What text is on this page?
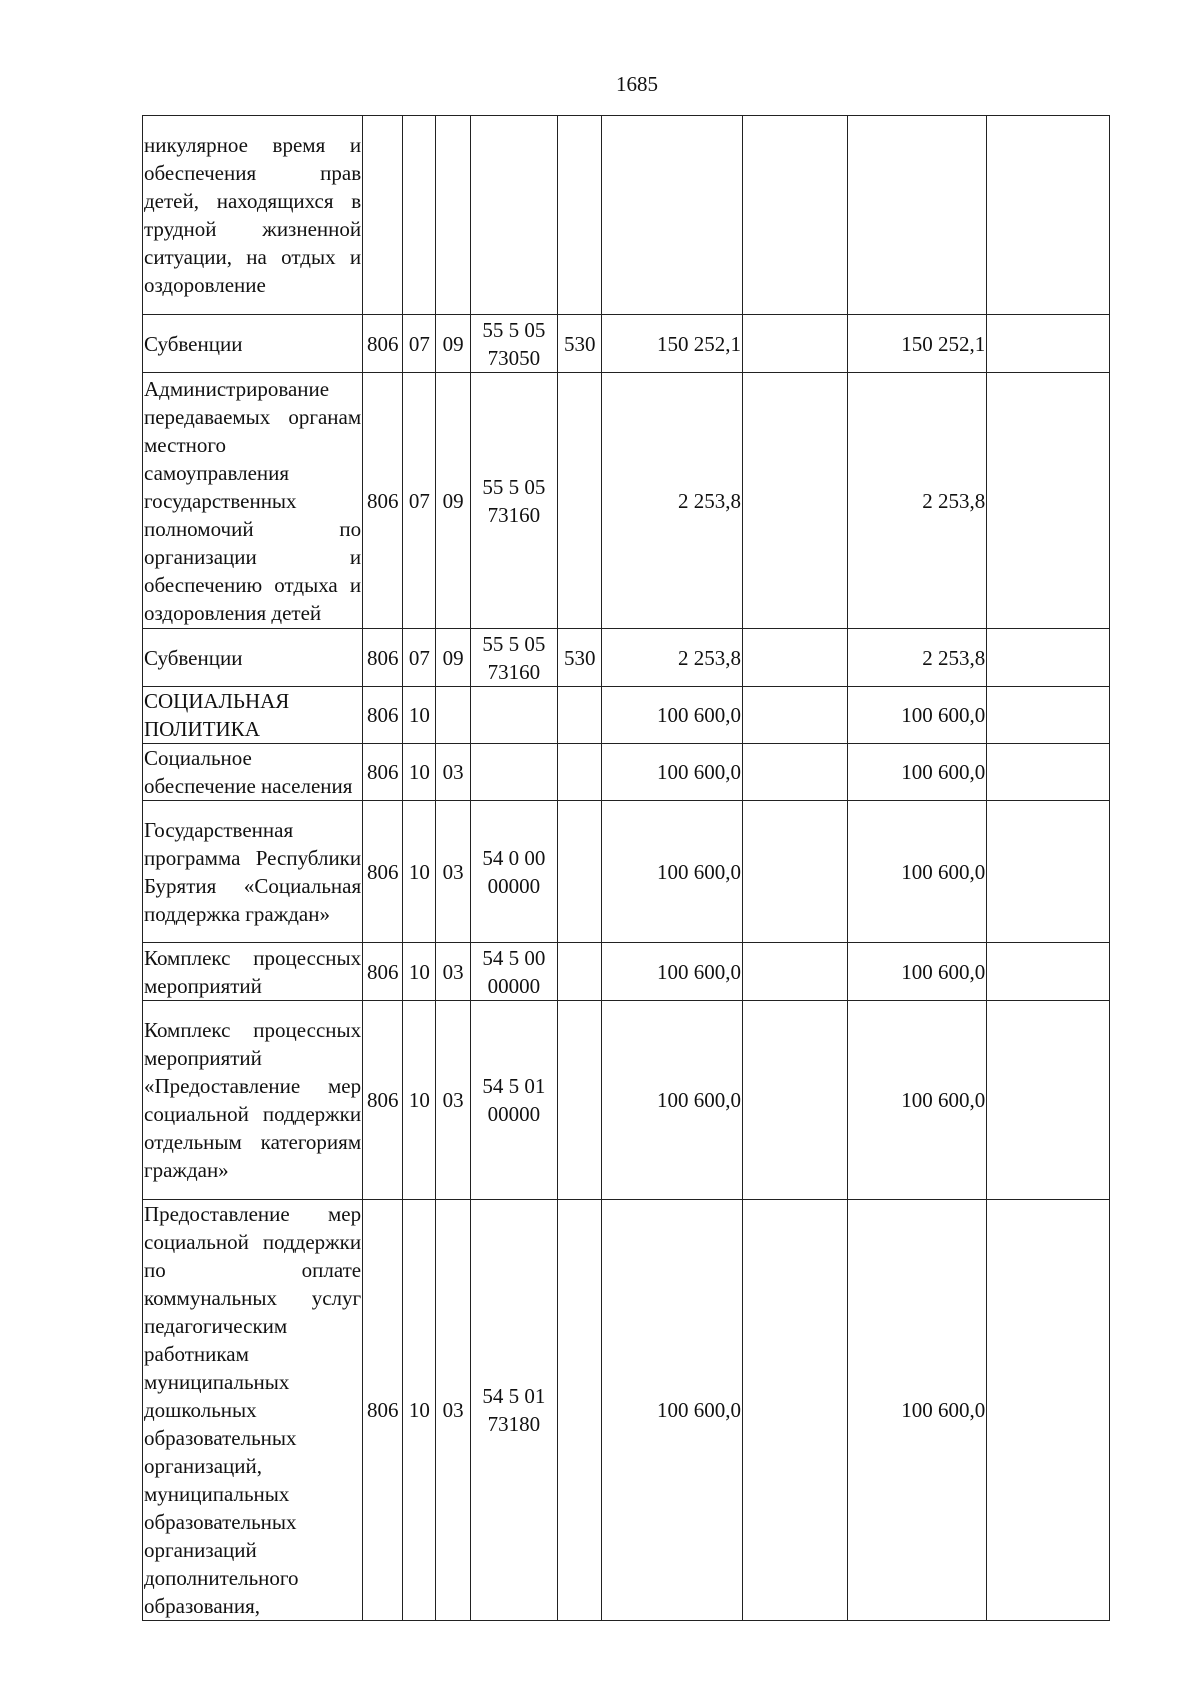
1685
никулярное время и обеспечения прав детей, находящихся в трудной жизненной ситуации, на отдых и оздоровление									
Субвенции	806	07	09	55 5 05 73050	530	150 252,1		150 252,1	
Администрирование передаваемых органам местного самоуправления государственных полномочий по организации и обеспечению отдыха и оздоровления детей	806	07	09	55 5 05 73160		2 253,8		2 253,8	
Субвенции	806	07	09	55 5 05 73160	530	2 253,8		2 253,8	
СОЦИАЛЬНАЯ ПОЛИТИКА	806	10				100 600,0		100 600,0	
Социальное обеспечение населения	806	10	03			100 600,0		100 600,0	
Государственная программа Республики Бурятия «Социальная поддержка граждан»	806	10	03	54 0 00 00000		100 600,0		100 600,0	
Комплекс процессных мероприятий	806	10	03	54 5 00 00000		100 600,0		100 600,0	
Комплекс процессных мероприятий «Предоставление мер социальной поддержки отдельным категориям граждан»	806	10	03	54 5 01 00000		100 600,0		100 600,0	
Предоставление мер социальной поддержки по оплате коммунальных услуг педагогическим работникам муниципальных дошкольных образовательных организаций, муниципальных образовательных организаций дополнительного образования,	806	10	03	54 5 01 73180		100 600,0		100 600,0	
